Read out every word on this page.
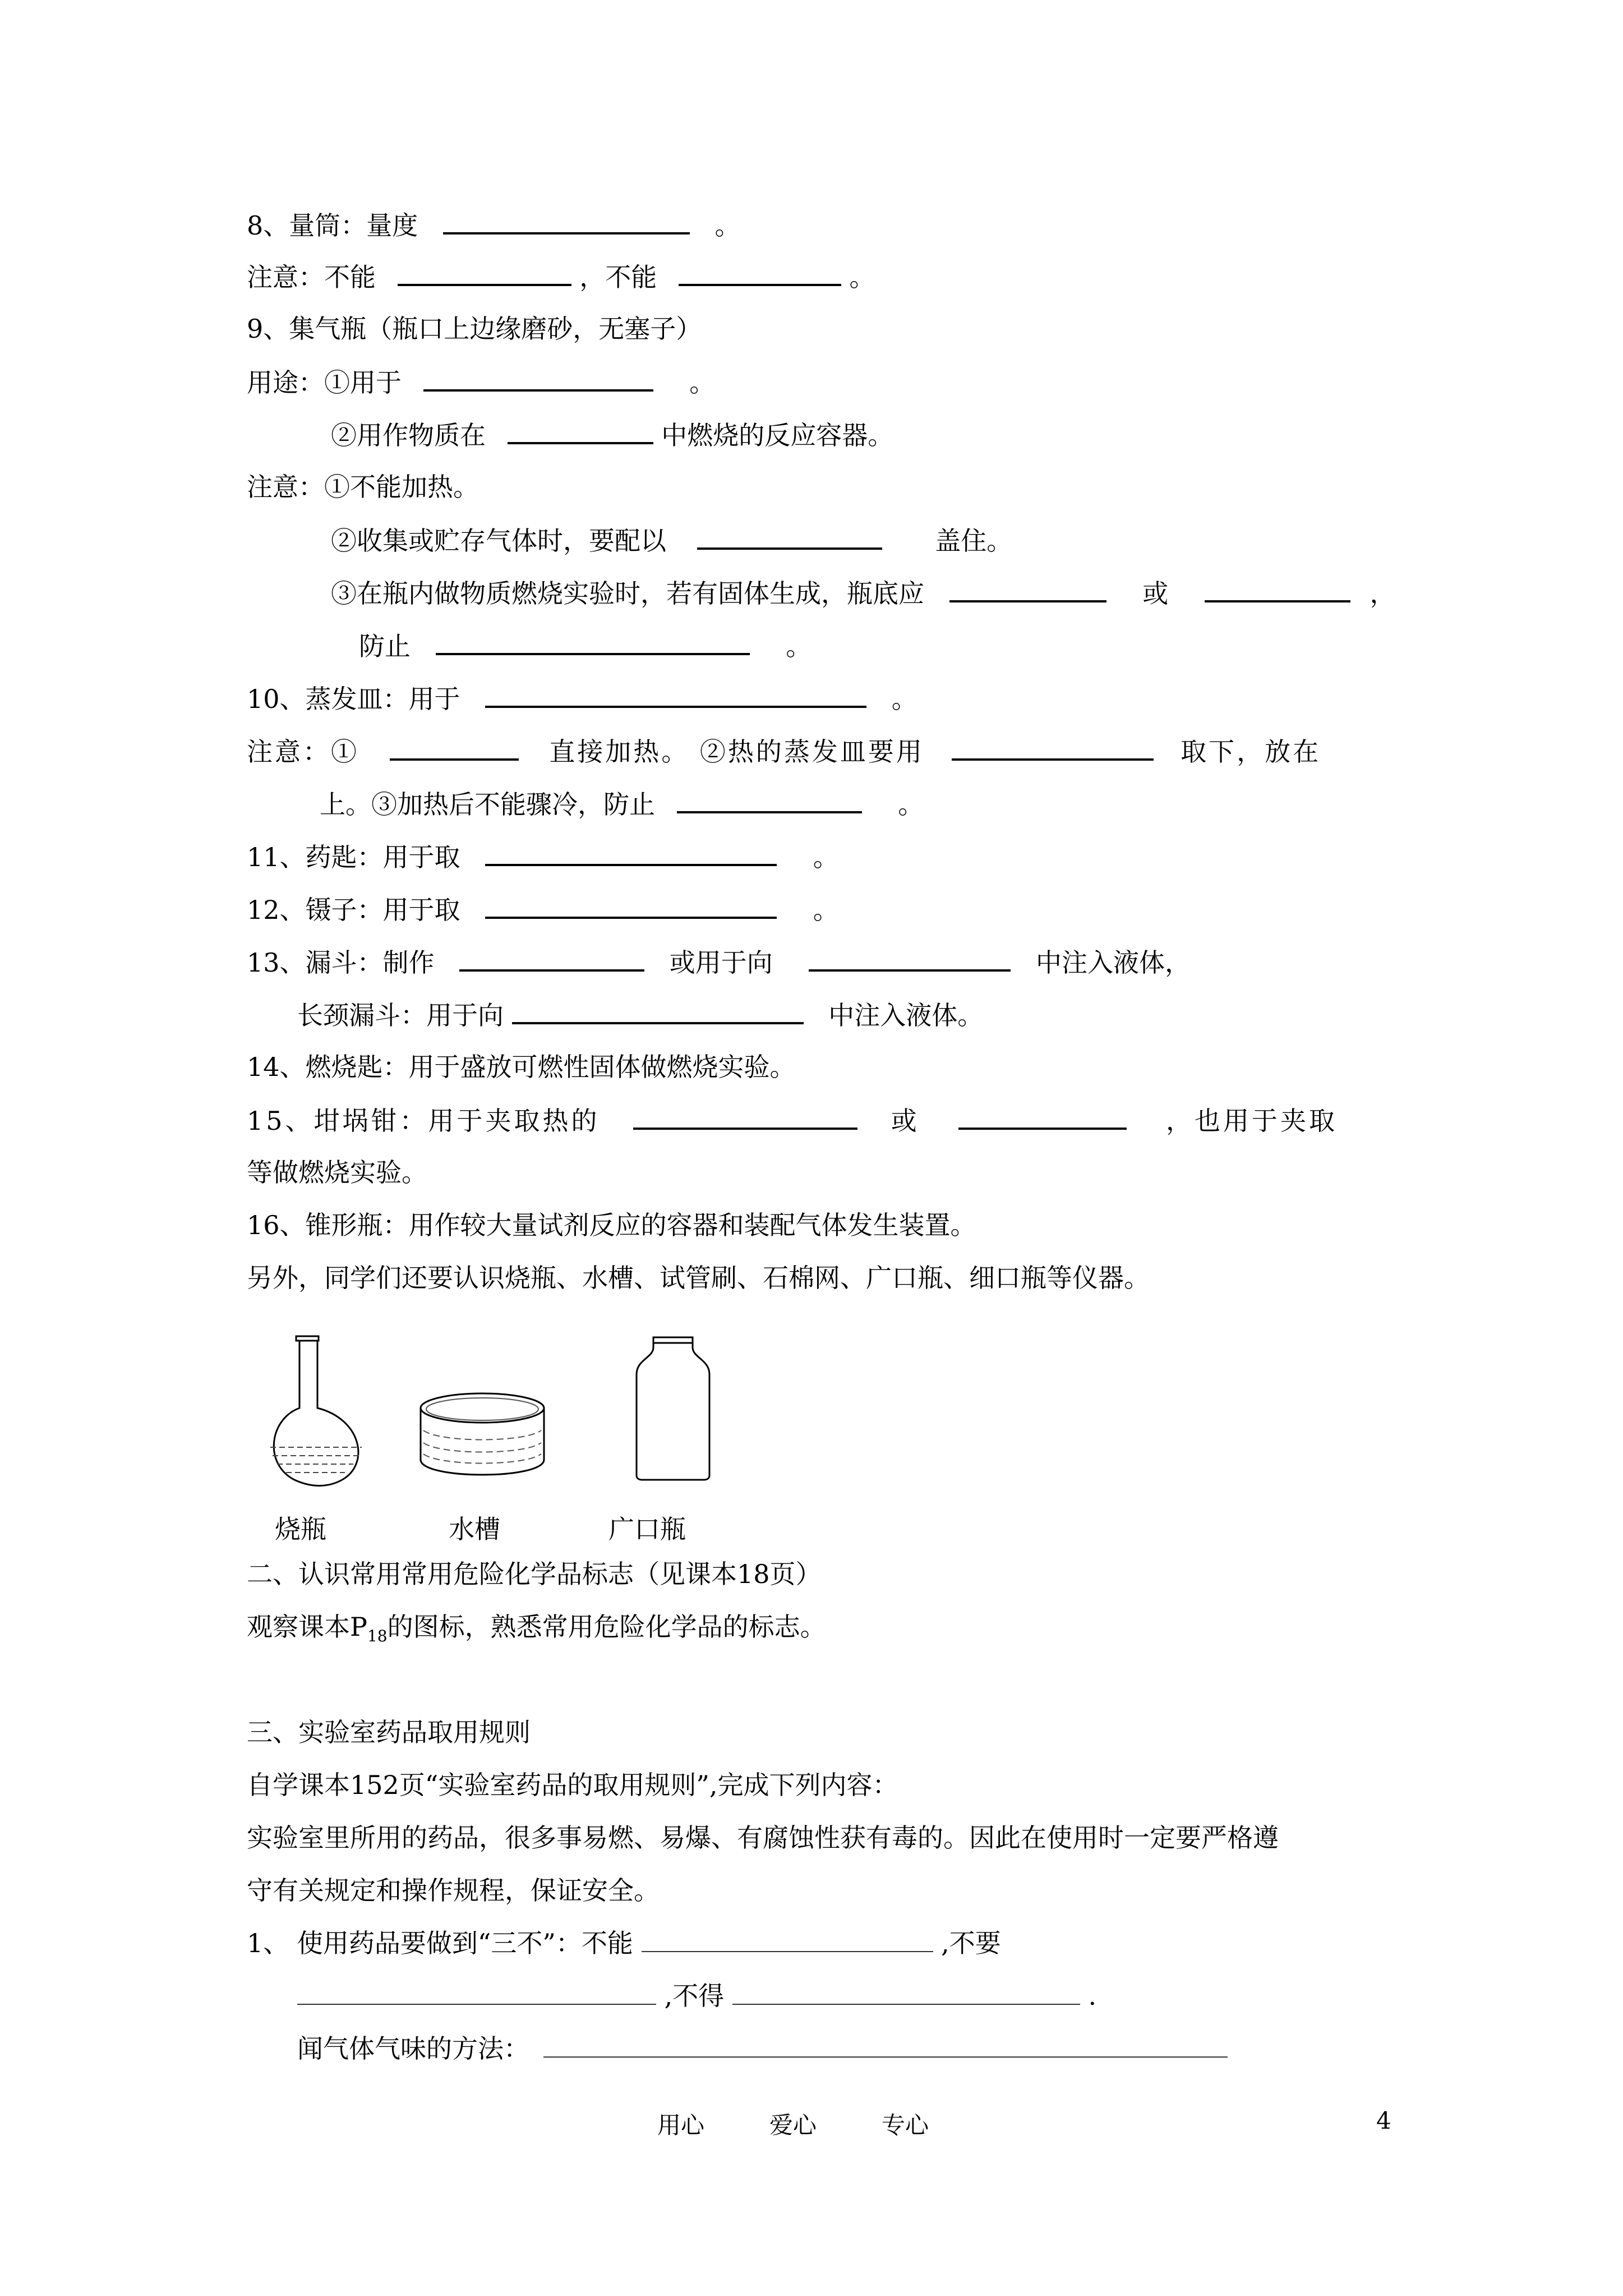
8、量筒：量度	。
注意：不能	，不能	。
9、集气瓶（瓶口上边缘磨砂，无塞子）
用途：①用于	。
②用作物质在	中燃烧的反应容器。
注意：①不能加热。
②收集或贮存气体时，要配以	盖住。
③在瓶内做物质燃烧实验时，若有固体生成，瓶底应	或	，
防止	。
10、蒸发皿：用于	。
注意：①	直接加热。 ②热的蒸发皿要用	取下，放在
上。③加热后不能骤冷，防止	。
11、药匙：用于取	。
12、镊子：用于取	。
13、漏斗：制作	或用于向	中注入液体，
长颈漏斗：用于向	中注入液体。
14、燃烧匙：用于盛放可燃性固体做燃烧实验。
15、坩埚钳：用于夹取热的	或	，也用于夹取
等做燃烧实验。
16、锥形瓶：用作较大量试剂反应的容器和装配气体发生装置。
另外，同学们还要认识烧瓶、水槽、试管刷、石棉网、广口瓶、细口瓶等仪器。
烧瓶	水槽	广口瓶
二、认识常用常用危险化学品标志（见课本18页）
观察课本$P_{18}$的图标，熟悉常用危险化学品的标志。
三、实验室药品取用规则
自学课本152页“实验室药品的取用规则”,完成下列内容：
实验室里所用的药品，很多事易燃、易爆、有腐蚀性获有毒的。因此在使用时一定要严格遵
守有关规定和操作规程，保证安全。
1、 使用药品要做到“三不”：不能	,不要
,不得	.
闻气体气味的方法：
用心	爱心	专心	4
